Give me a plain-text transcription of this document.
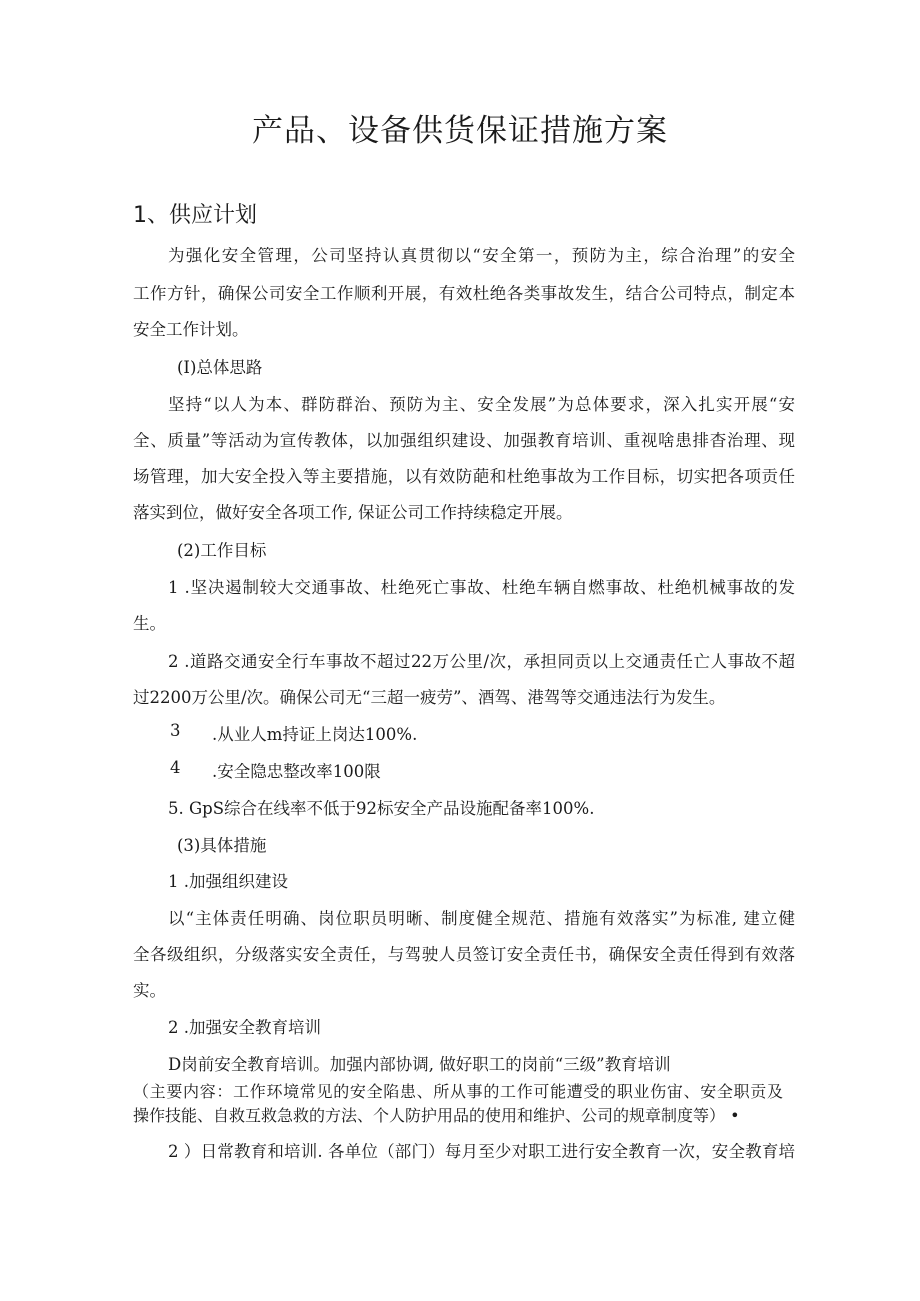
产品、设备供货保证措施方案
1、供应计划
为强化安全管理，公司坚持认真贯彻以“安全第一，预防为主，综合治理”的安全
工作方针，确保公司安全工作顺利开展，有效杜绝各类事故发生，结合公司特点，制定本
安全工作计划。
(I)总体思路
坚持“以人为本、群防群治、预防为主、安全发展”为总体要求，深入扎实开展“安
全、质量”等活动为宣传教体，以加强组织建设、加强教育培训、重视啥患排杳治理、现
场管理，加大安全投入等主要措施，以有效防葩和杜绝事故为工作目标，切实把各项贡任
落实到位，做好安全各项工作, 保证公司工作持续稳定开展。
(2)工作目标
1 .坚决遏制较大交通事故、杜绝死亡事故、杜绝车辆自燃事故、杜绝机械事故的发
生。
2 .道路交通安全行车事故不超过22万公里/次，承担同贡以上交通责任亡人事故不超
过2200万公里/次。确保公司无“三超一疲劳”、酒驾、港驾等交通违法行为发生。
3 .从业人m持证上岗达100%.
4 .安全隐忠整改率100限
5. GpS综合在线率不低于92标安全产品设施配备率100%.
(3)具体措施
1 .加强组织建设
以“主体责任明确、岗位职员明晰、制度健全规范、措施有效落实”为标准, 建立健
全各级组织，分级落实安全责任，与驾驶人员签订安全责任书，确保安全责任得到有效落
实。
2 .加强安全教育培训
D岗前安全教育培训。加强内部协调, 做好职工的岗前“三级”教育培训
（主要内容：工作环境常见的安全陷患、所从事的工作可能遭受的职业伤宙、安全职贡及
操作技能、自救互救急救的方法、个人防护用品的使用和维护、公司的规章制度等） •
2 ）日常教育和培训. 各单位（部门）每月至少对职工进行安全教育一次，安全教育培
